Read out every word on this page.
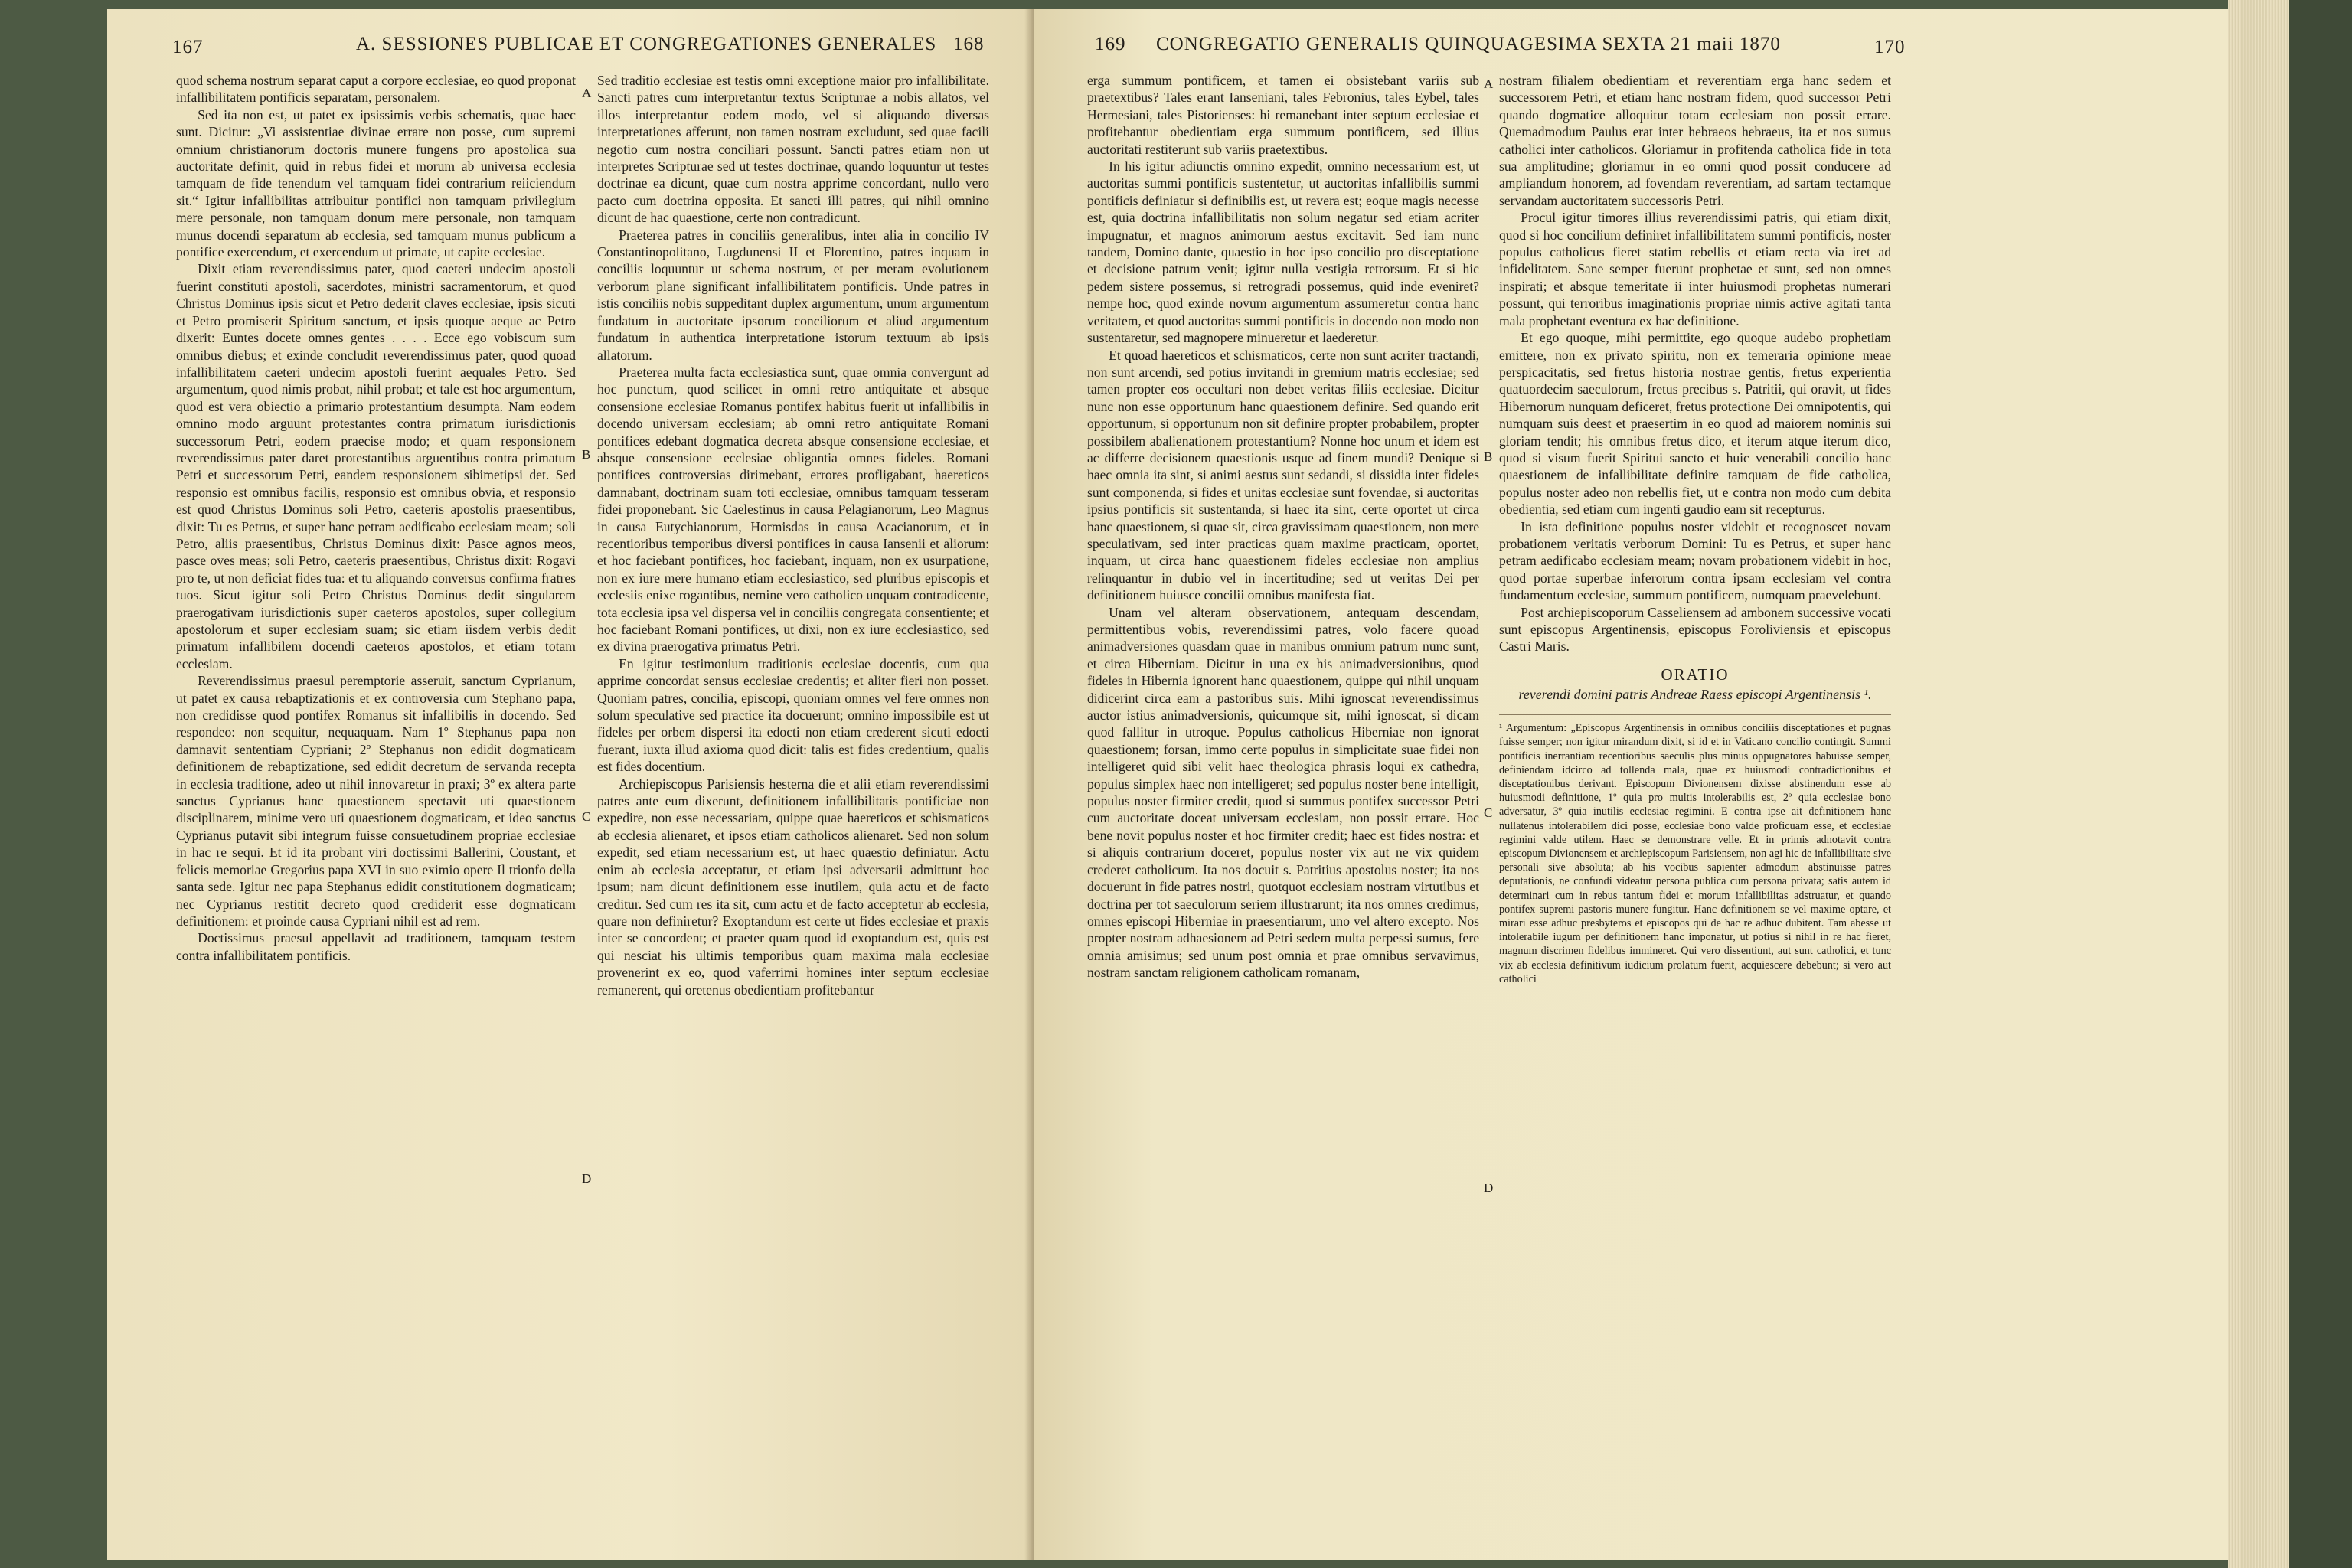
167	A. SESSIONES PUBLICAE ET CONGREGATIONES GENERALES 168

quod schema nostrum separat caput a corpore ecclesiae, eo quod proponat infallibilitatem pontificis separatam, personalem.

Sed ita non est, ut patet ex ipsissimis verbis schematis, quae haec sunt. Dicitur: „Vi assistentiae divinae errare non posse, cum supremi omnium christianorum doctoris munere fungens pro apostolica sua auctoritate definit, quid in rebus fidei et morum ab universa ecclesia tamquam de fide tenendum vel tamquam fidei contrarium reiiciendum sit.“ Igitur infallibilitas attribuitur pontifici non tamquam privilegium mere personale, non tamquam donum mere personale, non tamquam munus docendi separatum ab ecclesia, sed tamquam munus publicum a pontifice exercendum, et exercendum ut primate, ut capite ecclesiae.

Dixit etiam reverendissimus pater, quod caeteri undecim apostoli fuerint constituti apostoli, sacerdotes, ministri sacramentorum, et quod Christus Dominus ipsis sicut et Petro dederit claves ecclesiae, ipsis sicuti et Petro promiserit Spiritum sanctum, et ipsis quoque aeque ac Petro dixerit: Euntes docete omnes gentes . . . . Ecce ego vobiscum sum omnibus diebus; et exinde concludit reverendissimus pater, quod quoad infallibilitatem caeteri undecim apostoli fuerint aequales Petro. Sed argumentum, quod nimis probat, nihil probat; et tale est hoc argumentum, quod est vera obiectio a primario protestantium desumpta. Nam eodem omnino modo arguunt protestantes contra primatum iurisdictionis successorum Petri, eodem praecise modo; et quam responsionem reverendissimus pater daret protestantibus arguentibus contra primatum Petri et successorum Petri, eandem responsionem sibimetipsi det. Sed responsio est omnibus facilis, responsio est omnibus obvia, et responsio est quod Christus Dominus soli Petro, caeteris apostolis praesentibus, dixit: Tu es Petrus, et super hanc petram aedificabo ecclesiam meam; soli Petro, aliis praesentibus, Christus Dominus dixit: Pasce agnos meos, pasce oves meas; soli Petro, caeteris praesentibus, Christus dixit: Rogavi pro te, ut non deficiat fides tua: et tu aliquando conversus confirma fratres tuos. Sicut igitur soli Petro Christus Dominus dedit singularem praerogativam iurisdictionis super caeteros apostolos, super collegium apostolorum et super ecclesiam suam; sic etiam iisdem verbis dedit primatum infallibilem docendi caeteros apostolos, et etiam totam ecclesiam.

Reverendissimus praesul peremptorie asseruit, sanctum Cyprianum, ut patet ex causa rebaptizationis et ex controversia cum Stephano papa, non credidisse quod pontifex Romanus sit infallibilis in docendo. Sed respondeo: non sequitur, nequaquam. Nam 1º Stephanus papa non damnavit sententiam Cypriani; 2º Stephanus non edidit dogmaticam definitionem de rebaptizatione, sed edidit decretum de servanda recepta in ecclesia traditione, adeo ut nihil innovaretur in praxi; 3º ex altera parte sanctus Cyprianus hanc quaestionem spectavit uti quaestionem disciplinarem, minime vero uti quaestionem dogmaticam, et ideo sanctus Cyprianus putavit sibi integrum fuisse consuetudinem propriae ecclesiae in hac re sequi. Et id ita probant viri doctissimi Ballerini, Coustant, et felicis memoriae Gregorius papa XVI in suo eximio opere Il trionfo della santa sede. Igitur nec papa Stephanus edidit constitutionem dogmaticam; nec Cyprianus restitit decreto quod crediderit esse dogmaticam definitionem: et proinde causa Cypriani nihil est ad rem.

Doctissimus praesul appellavit ad traditionem, tamquam testem contra infallibilitatem pontificis.

Sed traditio ecclesiae est testis omni exceptione maior pro infallibilitate. Sancti patres cum interpretantur textus Scripturae a nobis allatos, vel illos interpretantur eodem modo, vel si aliquando diversas interpretationes afferunt, non tamen nostram excludunt, sed quae facili negotio cum nostra conciliari possunt. Sancti patres etiam non ut interpretes Scripturae sed ut testes doctrinae, quando loquuntur ut testes doctrinae ea dicunt, quae cum nostra apprime concordant, nullo vero pacto cum doctrina opposita. Et sancti illi patres, qui nihil omnino dicunt de hac quaestione, certe non contradicunt.

Praeterea patres in conciliis generalibus, inter alia in concilio IV Constantinopolitano, Lugdunensi II et Florentino, patres inquam in conciliis loquuntur ut schema nostrum, et per meram evolutionem verborum plane significant infallibilitatem pontificis. Unde patres in istis conciliis nobis suppeditant duplex argumentum, unum argumentum fundatum in auctoritate ipsorum conciliorum et aliud argumentum fundatum in authentica interpretatione istorum textuum ab ipsis allatorum.

Praeterea multa facta ecclesiastica sunt, quae omnia convergunt ad hoc punctum, quod scilicet in omni retro antiquitate et absque consensione ecclesiae Romanus pontifex habitus fuerit ut infallibilis in docendo universam ecclesiam; ab omni retro antiquitate Romani pontifices edebant dogmatica decreta absque consensione ecclesiae, et absque consensione ecclesiae obligantia omnes fideles. Romani pontifices controversias dirimebant, errores profligabant, haereticos damnabant, doctrinam suam toti ecclesiae, omnibus tamquam tesseram fidei proponebant. Sic Caelestinus in causa Pelagianorum, Leo Magnus in causa Eutychianorum, Hormisdas in causa Acacianorum, et in recentioribus temporibus diversi pontifices in causa Iansenii et aliorum: et hoc faciebant pontifices, hoc faciebant, inquam, non ex usurpatione, non ex iure mere humano etiam ecclesiastico, sed pluribus episcopis et ecclesiis enixe rogantibus, nemine vero catholico unquam contradicente, tota ecclesia ipsa vel dispersa vel in conciliis congregata consentiente; et hoc faciebant Romani pontifices, ut dixi, non ex iure ecclesiastico, sed ex divina praerogativa primatus Petri.

En igitur testimonium traditionis ecclesiae docentis, cum qua apprime concordat sensus ecclesiae credentis; et aliter fieri non posset. Quoniam patres, concilia, episcopi, quoniam omnes vel fere omnes non solum speculative sed practice ita docuerunt; omnino impossibile est ut fideles per orbem dispersi ita edocti non etiam crederent sicuti edocti fuerant, iuxta illud axioma quod dicit: talis est fides credentium, qualis est fides docentium.

Archiepiscopus Parisiensis hesterna die et alii etiam reverendissimi patres ante eum dixerunt, definitionem infallibilitatis pontificiae non expedire, non esse necessariam, quippe quae haereticos et schismaticos ab ecclesia alienaret, et ipsos etiam catholicos alienaret. Sed non solum expedit, sed etiam necessarium est, ut haec quaestio definiatur. Actu enim ab ecclesia acceptatur, et etiam ipsi adversarii admittunt hoc ipsum; nam dicunt definitionem esse inutilem, quia actu et de facto creditur. Sed cum res ita sit, cum actu et de facto acceptetur ab ecclesia, quare non definiretur? Exoptandum est certe ut fides ecclesiae et praxis inter se concordent; et praeter quam quod id exoptandum est, quis est qui nesciat his ultimis temporibus quam maxima mala ecclesiae provenerint ex eo, quod vaferrimi homines inter septum ecclesiae remanerent, qui oretenus obedientiam profitebantur

A
B
C
D
169 CONGREGATIO GENERALIS QUINQUAGESIMA SEXTA 21 maii 1870	170

erga summum pontificem, et tamen ei obsistebant variis sub praetextibus? Tales erant Ianseniani, tales Febronius, tales Eybel, tales Hermesiani, tales Pistorienses: hi remanebant inter septum ecclesiae et profitebantur obedientiam erga summum pontificem, sed illius auctoritati restiterunt sub variis praetextibus.

In his igitur adiunctis omnino expedit, omnino necessarium est, ut auctoritas summi pontificis sustentetur, ut auctoritas infallibilis summi pontificis definiatur si definibilis est, ut revera est; eoque magis necesse est, quia doctrina infallibilitatis non solum negatur sed etiam acriter impugnatur, et magnos animorum aestus excitavit. Sed iam nunc tandem, Domino dante, quaestio in hoc ipso concilio pro disceptatione et decisione patrum venit; igitur nulla vestigia retrorsum. Et si hic pedem sistere possemus, si retrogradi possemus, quid inde eveniret? nempe hoc, quod exinde novum argumentum assumeretur contra hanc veritatem, et quod auctoritas summi pontificis in docendo non modo non sustentaretur, sed magnopere minueretur et laederetur.

Et quoad haereticos et schismaticos, certe non sunt acriter tractandi, non sunt arcendi, sed potius invitandi in gremium matris ecclesiae; sed tamen propter eos occultari non debet veritas filiis ecclesiae. Dicitur nunc non esse opportunum hanc quaestionem definire. Sed quando erit opportunum, si opportunum non sit definire propter probabilem, propter possibilem abalienationem protestantium? Nonne hoc unum et idem est ac differre decisionem quaestionis usque ad finem mundi? Denique si haec omnia ita sint, si animi aestus sunt sedandi, si dissidia inter fideles sunt componenda, si fides et unitas ecclesiae sunt fovendae, si auctoritas ipsius pontificis sit sustentanda, si haec ita sint, certe oportet ut circa hanc quaestionem, si quae sit, circa gravissimam quaestionem, non mere speculativam, sed inter practicas quam maxime practicam, oportet, inquam, ut circa hanc quaestionem fideles ecclesiae non amplius relinquantur in dubio vel in incertitudine; sed ut veritas Dei per definitionem huiusce concilii omnibus manifesta fiat.

Unam vel alteram observationem, antequam descendam, permittentibus vobis, reverendissimi patres, volo facere quoad animadversiones quasdam quae in manibus omnium patrum nunc sunt, et circa Hiberniam. Dicitur in una ex his animadversionibus, quod fideles in Hibernia ignorent hanc quaestionem, quippe qui nihil unquam didicerint circa eam a pastoribus suis. Mihi ignoscat reverendissimus auctor istius animadversionis, quicumque sit, mihi ignoscat, si dicam quod fallitur in utroque. Populus catholicus Hiberniae non ignorat quaestionem; forsan, immo certe populus in simplicitate suae fidei non intelligeret quid sibi velit haec theologica phrasis loqui ex cathedra, populus simplex haec non intelligeret; sed populus noster bene intelligit, populus noster firmiter credit, quod si summus pontifex successor Petri cum auctoritate doceat universam ecclesiam, non possit errare. Hoc bene novit populus noster et hoc firmiter credit; haec est fides nostra: et si aliquis contrarium doceret, populus noster vix aut ne vix quidem crederet catholicum. Ita nos docuit s. Patritius apostolus noster; ita nos docuerunt in fide patres nostri, quotquot ecclesiam nostram virtutibus et doctrina per tot saeculorum seriem illustrarunt; ita nos omnes credimus, omnes episcopi Hiberniae in praesentiarum, uno vel altero excepto. Nos propter nostram adhaesionem ad Petri sedem multa perpessi sumus, fere omnia amisimus; sed unum post omnia et prae omnibus servavimus, nostram sanctam religionem catholicam romanam,

nostram filialem obedientiam et reverentiam erga hanc sedem et successorem Petri, et etiam hanc nostram fidem, quod successor Petri quando dogmatice alloquitur totam ecclesiam non possit errare. Quemadmodum Paulus erat inter hebraeos hebraeus, ita et nos sumus catholici inter catholicos. Gloriamur in profitenda catholica fide in tota sua amplitudine; gloriamur in eo omni quod possit conducere ad ampliandum honorem, ad fovendam reverentiam, ad sartam tectamque servandam auctoritatem successoris Petri.

Procul igitur timores illius reverendissimi patris, qui etiam dixit, quod si hoc concilium definiret infallibilitatem summi pontificis, noster populus catholicus fieret statim rebellis et etiam recta via iret ad infidelitatem. Sane semper fuerunt prophetae et sunt, sed non omnes inspirati; et absque temeritate ii inter huiusmodi prophetas numerari possunt, qui terroribus imaginationis propriae nimis active agitati tanta mala prophetant eventura ex hac definitione.

Et ego quoque, mihi permittite, ego quoque audebo prophetiam emittere, non ex privato spiritu, non ex temeraria opinione meae perspicacitatis, sed fretus historia nostrae gentis, fretus experientia quatuordecim saeculorum, fretus precibus s. Patritii, qui oravit, ut fides Hibernorum nunquam deficeret, fretus protectione Dei omnipotentis, qui numquam suis deest et praesertim in eo quod ad maiorem nominis sui gloriam tendit; his omnibus fretus dico, et iterum atque iterum dico, quod si visum fuerit Spiritui sancto et huic venerabili concilio hanc quaestionem de infallibilitate definire tamquam de fide catholica, populus noster adeo non rebellis fiet, ut e contra non modo cum debita obedientia, sed etiam cum ingenti gaudio eam sit recepturus.

In ista definitione populus noster videbit et recognoscet novam probationem veritatis verborum Domini: Tu es Petrus, et super hanc petram aedificabo ecclesiam meam; novam probationem videbit in hoc, quod portae superbae inferorum contra ipsam ecclesiam vel contra fundamentum ecclesiae, summum pontificem, numquam praevelebunt.

Post archiepiscoporum Casseliensem ad ambonem successive vocati sunt episcopus Argentinensis, episcopus Foroliviensis et episcopus Castri Maris.

ORATIO
reverendi domini patris Andreae Raess episcopi Argentinensis ¹.
¹ Argumentum: „Episcopus Argentinensis in omnibus conciliis disceptationes et pugnas fuisse semper; non igitur mirandum dixit, si id et in Vaticano concilio contingit. Summi pontificis inerrantiam recentioribus saeculis plus minus oppugnatores habuisse semper, definiendam idcirco ad tollenda mala, quae ex huiusmodi contradictionibus et disceptationibus derivant. Episcopum Divionensem dixisse abstinendum esse ab huiusmodi definitione, 1º quia pro multis intolerabilis est, 2º quia ecclesiae bono adversatur, 3º quia inutilis ecclesiae regimini. E contra ipse ait definitionem hanc nullatenus intolerabilem dici posse, ecclesiae bono valde proficuam esse, et ecclesiae regimini valde utilem. Haec se demonstrare velle. Et in primis adnotavit contra episcopum Divionensem et archiepiscopum Parisiensem, non agi hic de infallibilitate sive personali sive absoluta; ab his vocibus sapienter admodum abstinuisse patres deputationis, ne confundi videatur persona publica cum persona privata; satis autem id determinari cum in rebus tantum fidei et morum infallibilitas adstruatur, et quando pontifex supremi pastoris munere fungitur. Hanc definitionem se vel maxime optare, et mirari esse adhuc presbyteros et episcopos qui de hac re adhuc dubitent. Tam abesse ut intolerabile iugum per definitionem hanc imponatur, ut potius si nihil in re hac fieret, magnum discrimen fidelibus immineret. Qui vero dissentiunt, aut sunt catholici, et tunc vix ab ecclesia definitivum iudicium prolatum fuerit, acquiescere debebunt; si vero aut catholici
A
B
C
D
